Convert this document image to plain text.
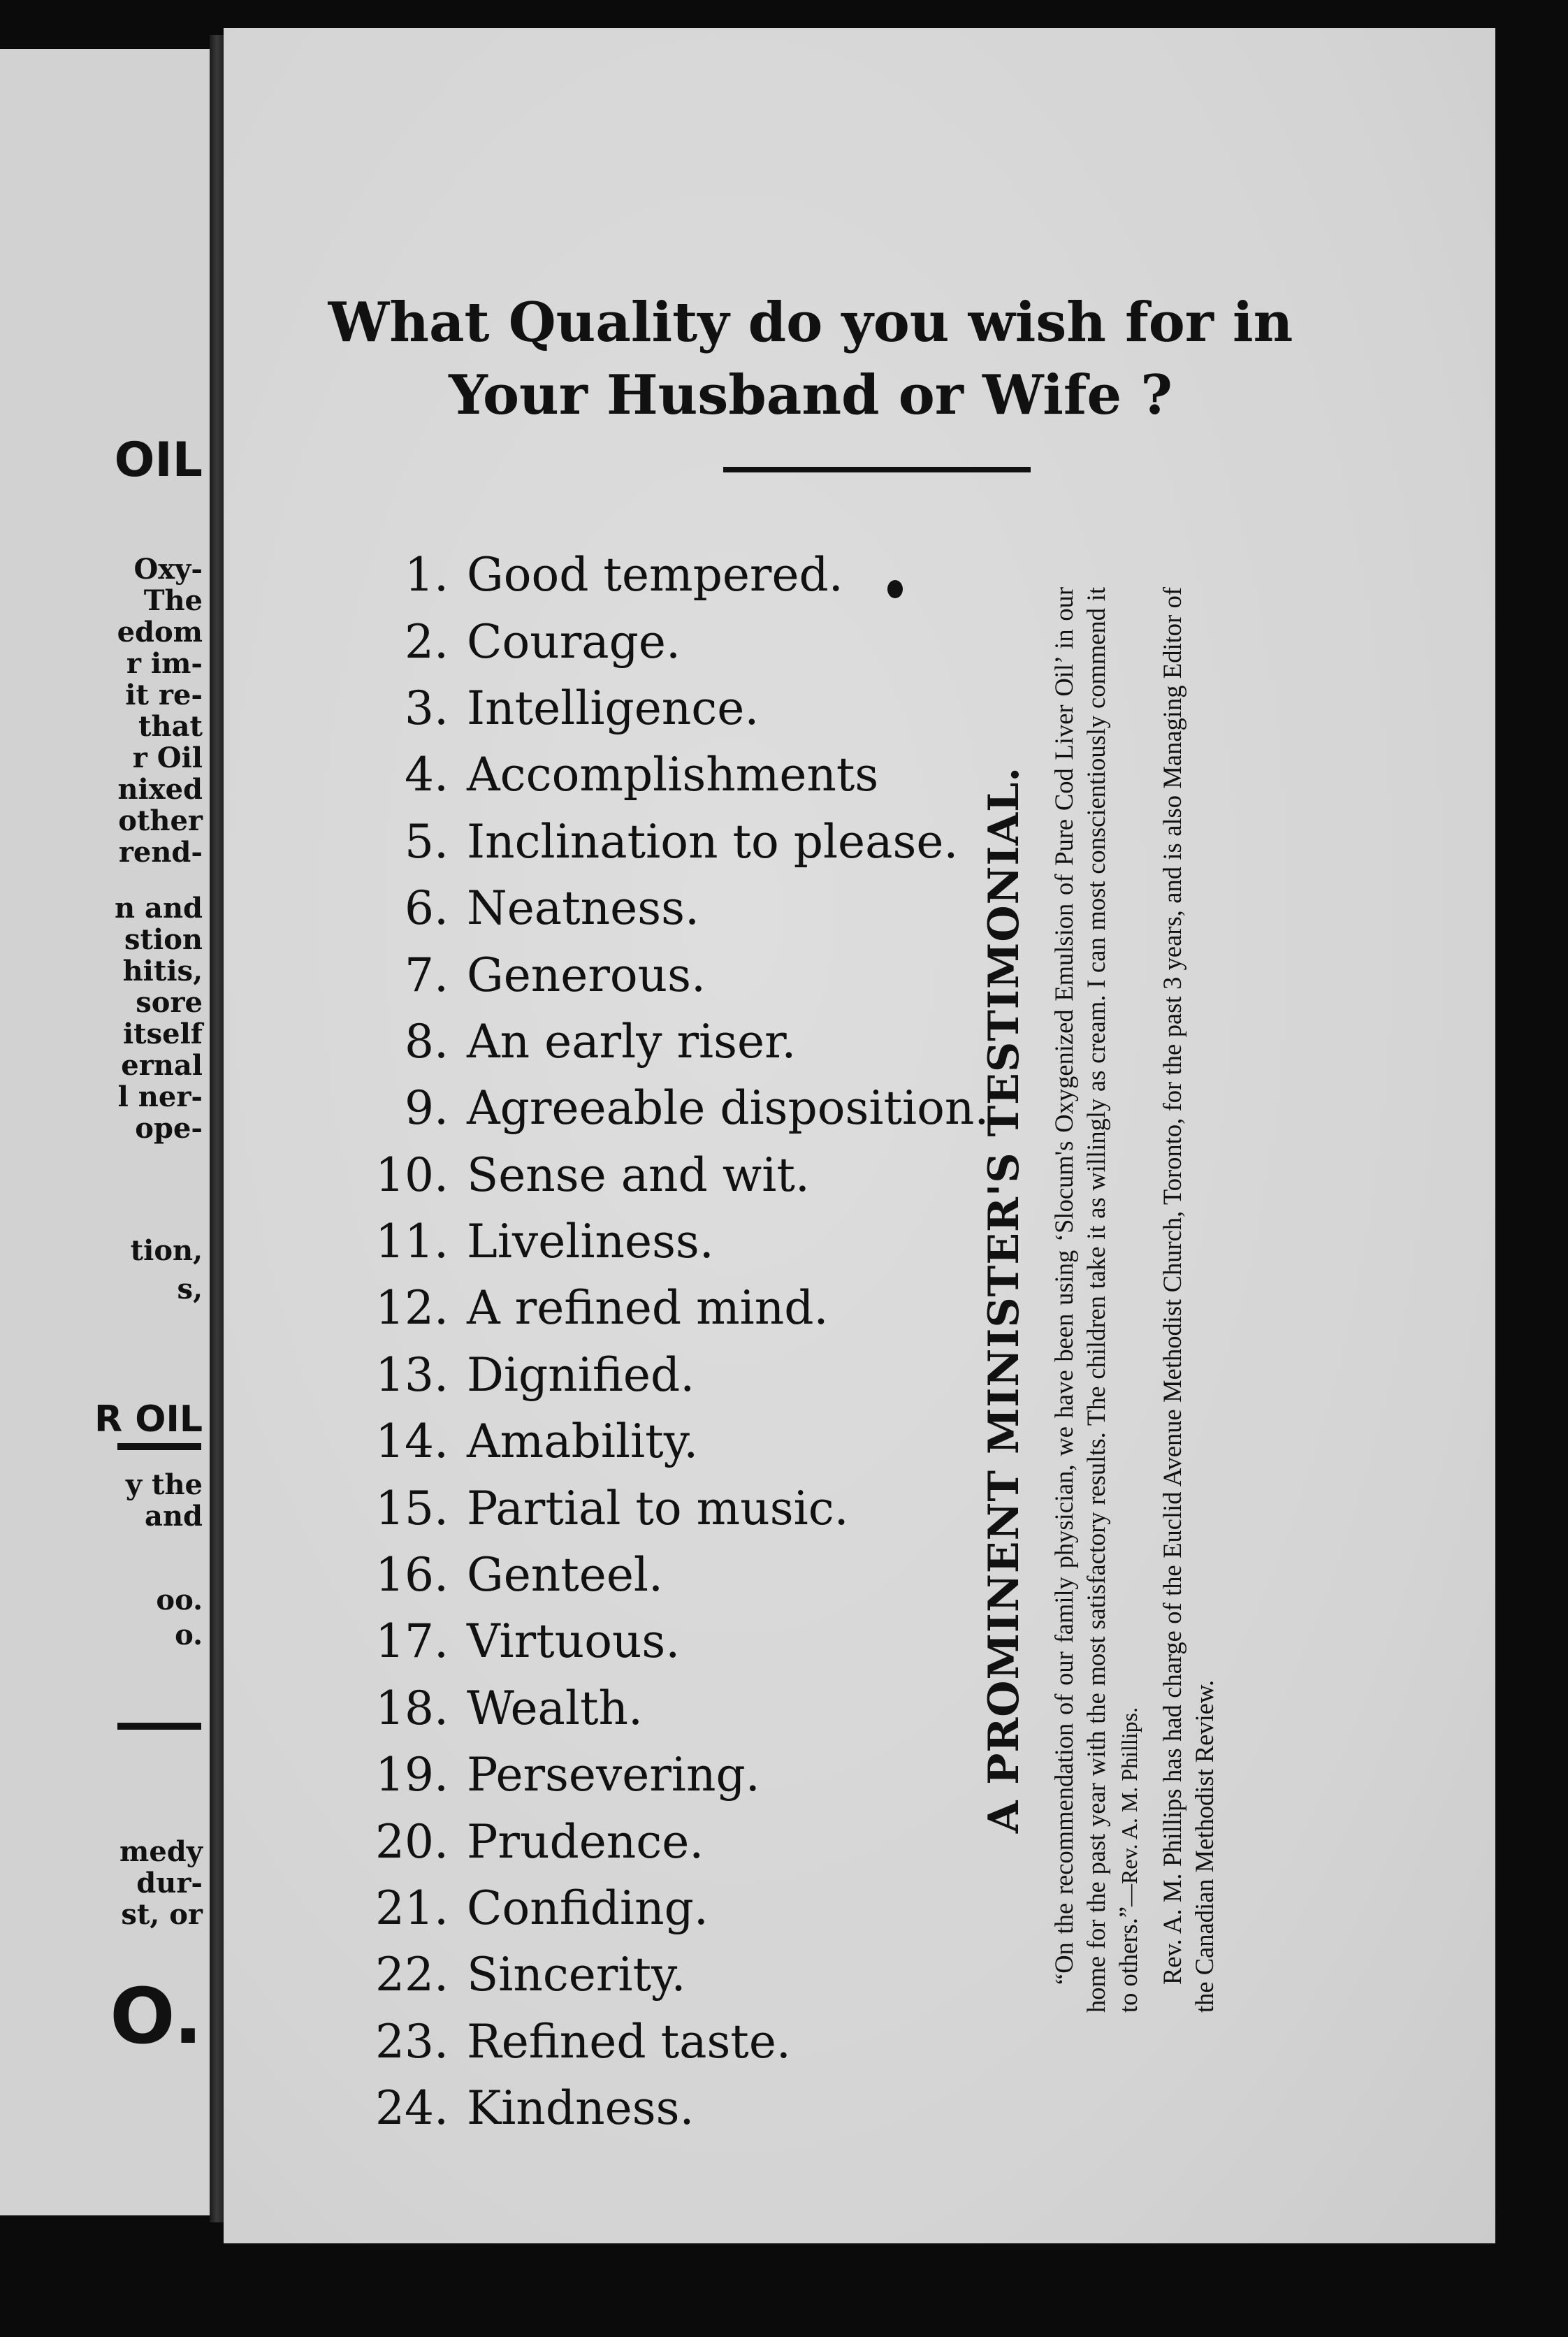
OIL
Oxy-
The
edom
r im-
it re-
that
r Oil
nixed
other
rend-
n and
stion
hitis,
sore
itself
ernal
l ner-
ope-
tion,
s,
R OIL
y the
and
oo.
o.
medy
dur-
st, or
O.
What Quality do you wish for in
Your Husband or Wife ?
1. Good tempered.
2. Courage.
3. Intelligence.
4. Accomplishments
5. Inclination to please.
6. Neatness.
7. Generous.
8. An early riser.
9. Agreeable disposition.
10. Sense and wit.
11. Liveliness.
12. A refined mind.
13. Dignified.
14. Amability.
15. Partial to music.
16. Genteel.
17. Virtuous.
18. Wealth.
19. Persevering.
20. Prudence.
21. Confiding.
22. Sincerity.
23. Refined taste.
24. Kindness.
A PROMINENT MINISTER'S TESTIMONIAL. “On the recommendation of our family physician, we have been using ‘Slocum's Oxygenized Emulsion of Pure Cod Liver Oil’ in our home for the past year with the most satisfactory results. The children take it as willingly as cream. I can most conscientiously commend it to others.”—Rev. A. M. Phillips. Rev. A. M. Phillips has had charge of the Euclid Avenue Methodist Church, Toronto, for the past 3 years, and is also Managing Editor of the Canadian Methodist Review.
